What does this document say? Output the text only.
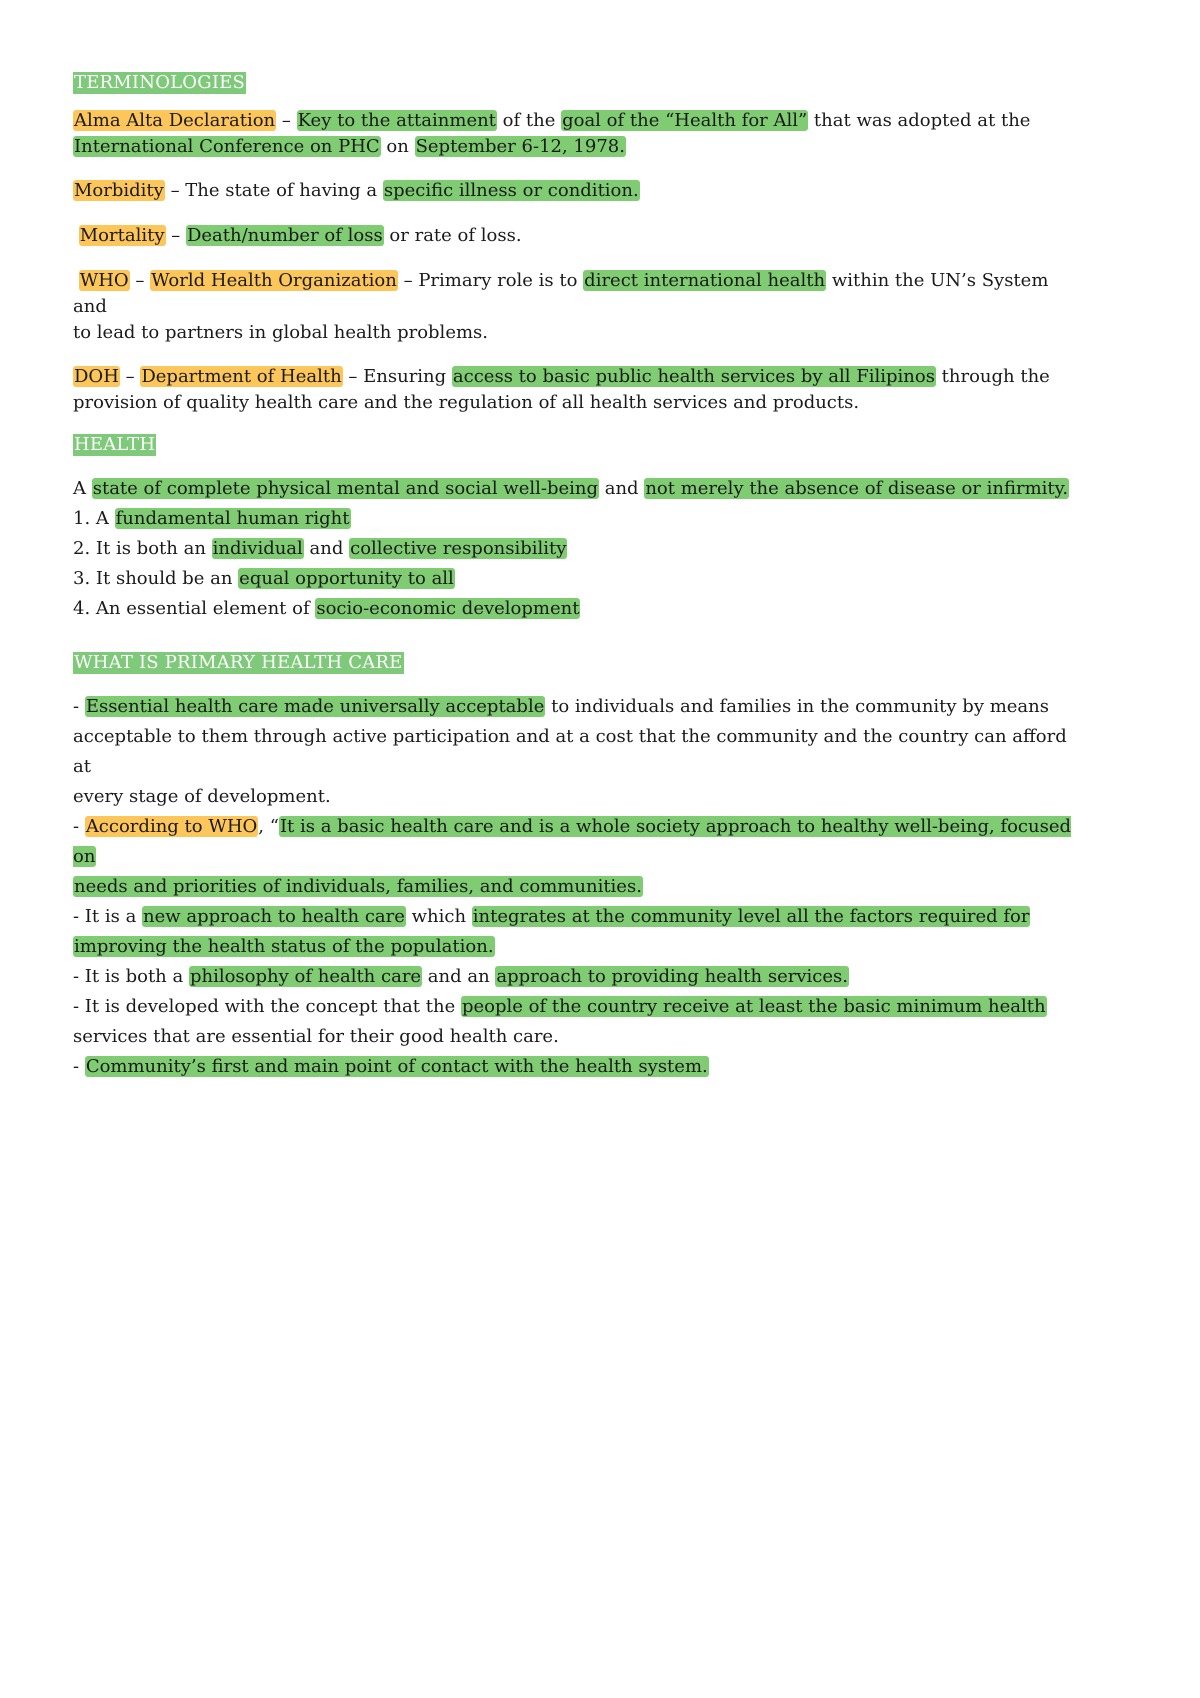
TERMINOLOGIES

Alma Alta Declaration – Key to the attainment of the goal of the “Health for All” that was adopted at the
International Conference on PHC on September 6-12, 1978.

Morbidity – The state of having a specific illness or condition.

Mortality – Death/number of loss or rate of loss.

WHO – World Health Organization – Primary role is to direct international health within the UN’s System and
to lead to partners in global health problems.

DOH – Department of Health – Ensuring access to basic public health services by all Filipinos through the
provision of quality health care and the regulation of all health services and products.

HEALTH

A state of complete physical mental and social well-being and not merely the absence of disease or infirmity.

1. A fundamental human right

2. It is both an individual and collective responsibility

3. It should be an equal opportunity to all

4. An essential element of socio-economic development

WHAT IS PRIMARY HEALTH CARE

- Essential health care made universally acceptable to individuals and families in the community by means
acceptable to them through active participation and at a cost that the community and the country can afford at
every stage of development.

- According to WHO, “It is a basic health care and is a whole society approach to healthy well-being, focused on
needs and priorities of individuals, families, and communities.

- It is a new approach to health care which integrates at the community level all the factors required for
improving the health status of the population.

- It is both a philosophy of health care and an approach to providing health services.

- It is developed with the concept that the people of the country receive at least the basic minimum health
services that are essential for their good health care.

- Community’s first and main point of contact with the health system.
